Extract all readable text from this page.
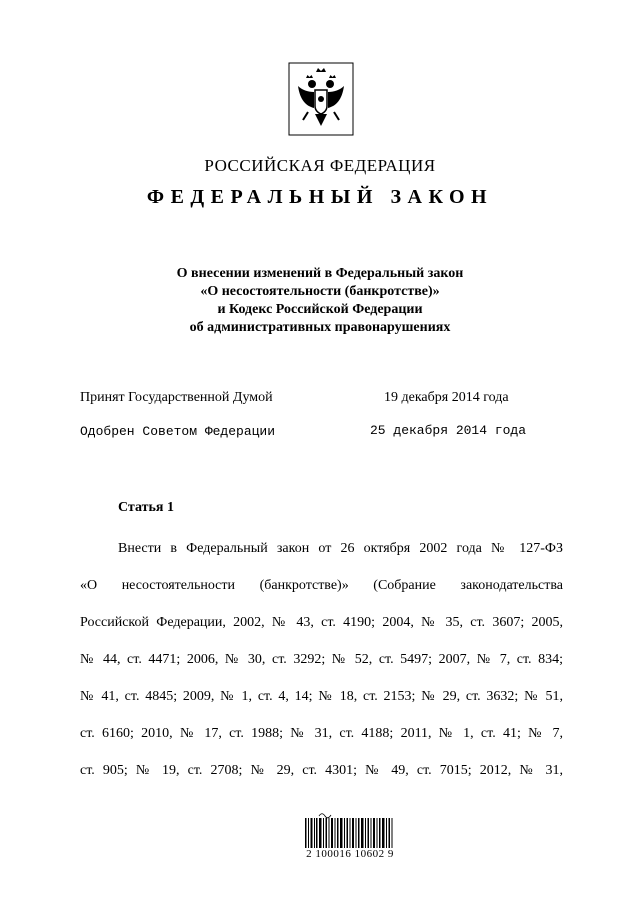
РОССИЙСКАЯ ФЕДЕРАЦИЯ
ФЕДЕРАЛЬНЫЙ ЗАКОН
О внесении изменений в Федеральный закон
«О несостоятельности (банкротстве)»
и Кодекс Российской Федерации
об административных правонарушениях
Принят Государственной Думой	19 декабря 2014 года
Одобрен Советом Федерации	25 декабря 2014 года
Статья 1
Внести в Федеральный закон от 26 октября 2002 года № 127-ФЗ
«О несостоятельности (банкротстве)» (Собрание законодательства
Российской Федерации, 2002, № 43, ст. 4190; 2004, № 35, ст. 3607; 2005,
№ 44, ст. 4471; 2006, № 30, ст. 3292; № 52, ст. 5497; 2007, № 7, ст. 834;
№ 41, ст. 4845; 2009, № 1, ст. 4, 14; № 18, ст. 2153; № 29, ст. 3632; № 51,
ст. 6160; 2010, № 17, ст. 1988; № 31, ст. 4188; 2011, № 1, ст. 41; № 7,
ст. 905; № 19, ст. 2708; № 29, ст. 4301; № 49, ст. 7015; 2012, № 31,
2 100016 10602 9
